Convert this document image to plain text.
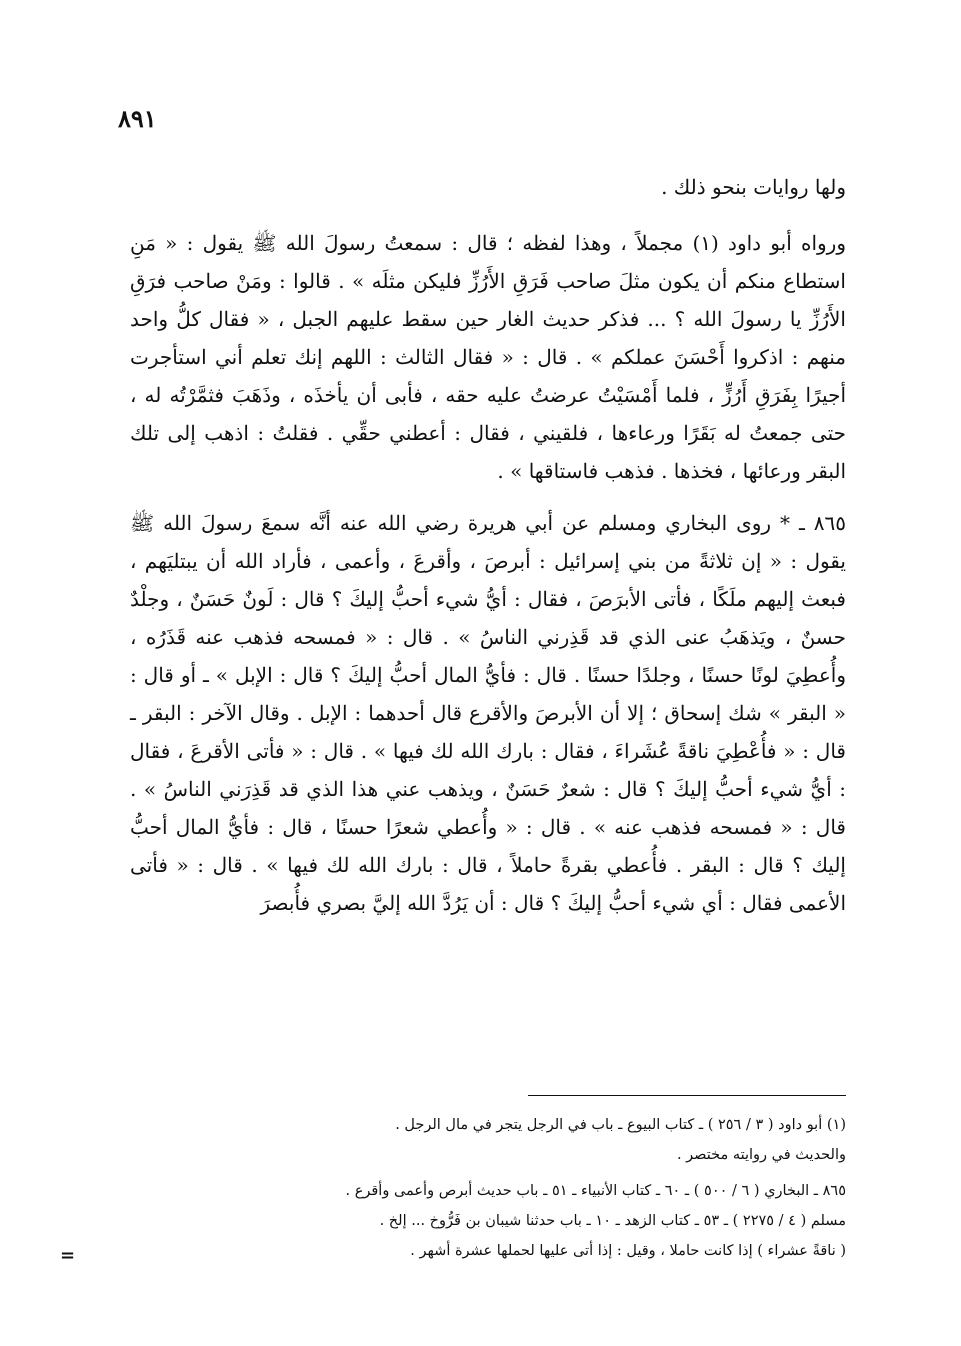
٨٩١

ولها روايات بنحو ذلك .

ورواه أبو داود (١) مجملاً ، وهذا لفظه ؛ قال : سمعتُ رسولَ الله ﷺ يقول : « مَنِ استطاع منكم أن يكون مثلَ صاحب فَرَقِ الأَرُزِّ فليكن مثلَه » . قالوا : ومَنْ صاحب فرَقِ الأَرُزِّ يا رسولَ الله ؟ ... فذكر حديث الغار حين سقط عليهم الجبل ، « فقال كلُّ واحد منهم : اذكروا أَحْسَنَ عملكم » . قال : « فقال الثالث : اللهم إنك تعلم أني استأجرت أجيرًا بِفَرَقِ أَرُزٍّ ، فلما أَمْسَيْتُ عرضتُ عليه حقه ، فأبى أن يأخذَه ، وذَهَبَ فثمَّرْتُه له ، حتى جمعتُ له بَقَرًا ورعاءها ، فلقيني ، فقال : أعطني حقِّي . فقلتُ : اذهب إلى تلك البقر ورعائها ، فخذها . فذهب فاستاقها » .

٨٦٥ ـ * روى البخاري ومسلم عن أبي هريرة رضي الله عنه أنَّه سمعَ رسولَ الله ﷺ يقول : « إن ثلاثةً من بني إسرائيل : أبرصَ ، وأقرعَ ، وأعمى ، فأراد الله أن يبتليَهم ، فبعث إليهم ملَكًا ، فأتى الأبرَصَ ، فقال : أيُّ شيء أحبُّ إليكَ ؟ قال : لَونٌ حَسَنٌ ، وجلْدٌ حسنٌ ، ويَذهَبُ عنى الذي قد قَذِرني الناسُ » . قال : « فمسحه فذهب عنه قَذَرُه ، وأُعطِيَ لونًا حسنًا ، وجلدًا حسنًا . قال : فأيُّ المال أحبُّ إليكَ ؟ قال : الإبل » ـ أو قال : « البقر » شك إسحاق ؛ إلا أن الأبرصَ والأقرع قال أحدهما : الإبل . وقال الآخر : البقر ـ قال : « فأُعْطِيَ ناقةً عُشَراءَ ، فقال : بارك الله لك فيها » . قال : « فأتى الأقرعَ ، فقال : أيُّ شيء أحبُّ إليكَ ؟ قال : شعرٌ حَسَنٌ ، ويذهب عني هذا الذي قد قَذِرَني الناسُ » . قال : « فمسحه فذهب عنه » . قال : « وأُعطي شعرًا حسنًا ، قال : فأيُّ المال أحبُّ إليك ؟ قال : البقر . فأُعطي بقرةً حاملاً ، قال : بارك الله لك فيها » . قال : « فأتى الأعمى فقال : أي شيء أحبُّ إليكَ ؟ قال : أن يَرُدَّ الله إليَّ بصري فأُبصرَ

(١) أبو داود ( ٣ / ٢٥٦ ) ـ كتاب البيوع ـ باب في الرجل يتجر في مال الرجل .
والحديث في روايته مختصر .
٨٦٥ ـ البخاري ( ٦ / ٥٠٠ ) ـ ٦٠ ـ كتاب الأنبياء ـ ٥١ ـ باب حديث أبرص وأعمى وأقرع .
مسلم ( ٤ / ٢٢٧٥ ) ـ ٥٣ ـ كتاب الزهد ـ ١٠ ـ باب حدثنا شيبان بن فَرُّوخ ... إلخ .
( ناقةً عشراء ) إذا كانت حاملا ، وقيل : إذا أتى عليها لحملها عشرة أشهر .
=
